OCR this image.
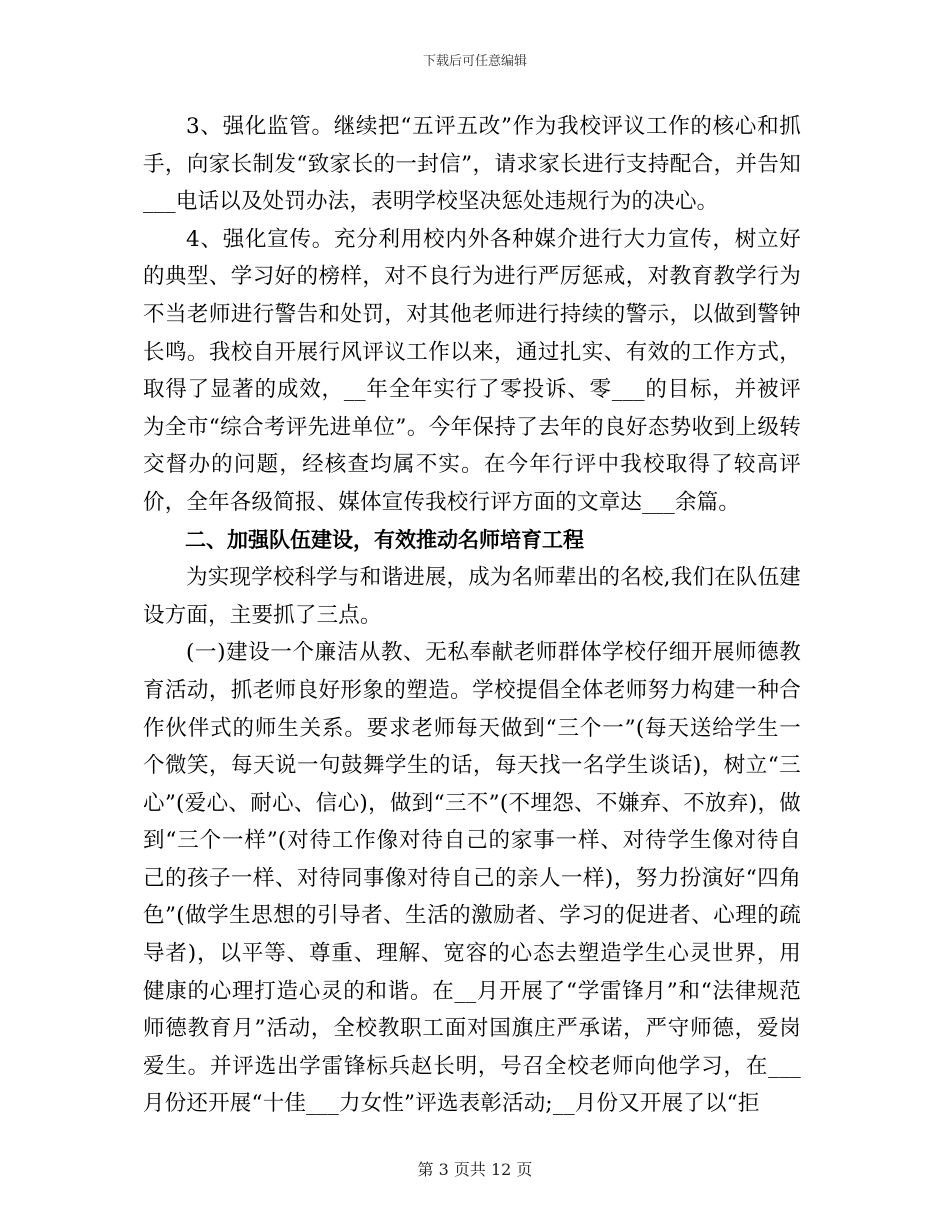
下载后可任意编辑

3、强化监管。继续把“五评五改”作为我校评议工作的核心和抓手，向家长制发“致家长的一封信”，请求家长进行支持配合，并告知___电话以及处罚办法，表明学校坚决惩处违规行为的决心。

4、强化宣传。充分利用校内外各种媒介进行大力宣传，树立好的典型、学习好的榜样，对不良行为进行严厉惩戒，对教育教学行为不当老师进行警告和处罚，对其他老师进行持续的警示，以做到警钟长鸣。我校自开展行风评议工作以来，通过扎实、有效的工作方式，取得了显著的成效，__年全年实行了零投诉、零___的目标，并被评为全市“综合考评先进单位”。今年保持了去年的良好态势收到上级转交督办的问题，经核查均属不实。在今年行评中我校取得了较高评价，全年各级简报、媒体宣传我校行评方面的文章达___余篇。

二、加强队伍建设，有效推动名师培育工程

为实现学校科学与和谐进展，成为名师辈出的名校,我们在队伍建设方面，主要抓了三点。

(一)建设一个廉洁从教、无私奉献老师群体学校仔细开展师德教育活动，抓老师良好形象的塑造。学校提倡全体老师努力构建一种合作伙伴式的师生关系。要求老师每天做到“三个一”(每天送给学生一个微笑，每天说一句鼓舞学生的话，每天找一名学生谈话)，树立“三心”(爱心、耐心、信心)，做到“三不”(不埋怨、不嫌弃、不放弃)，做到“三个一样”(对待工作像对待自己的家事一样、对待学生像对待自己的孩子一样、对待同事像对待自己的亲人一样)，努力扮演好“四角色”(做学生思想的引导者、生活的激励者、学习的促进者、心理的疏导者)，以平等、尊重、理解、宽容的心态去塑造学生心灵世界，用健康的心理打造心灵的和谐。在__月开展了“学雷锋月”和“法律规范师德教育月”活动，全校教职工面对国旗庄严承诺，严守师德，爱岗爱生。并评选出学雷锋标兵赵长明，号召全校老师向他学习，在___月份还开展“十佳___力女性”评选表彰活动;__月份又开展了以“拒

第 3 页共 12 页
